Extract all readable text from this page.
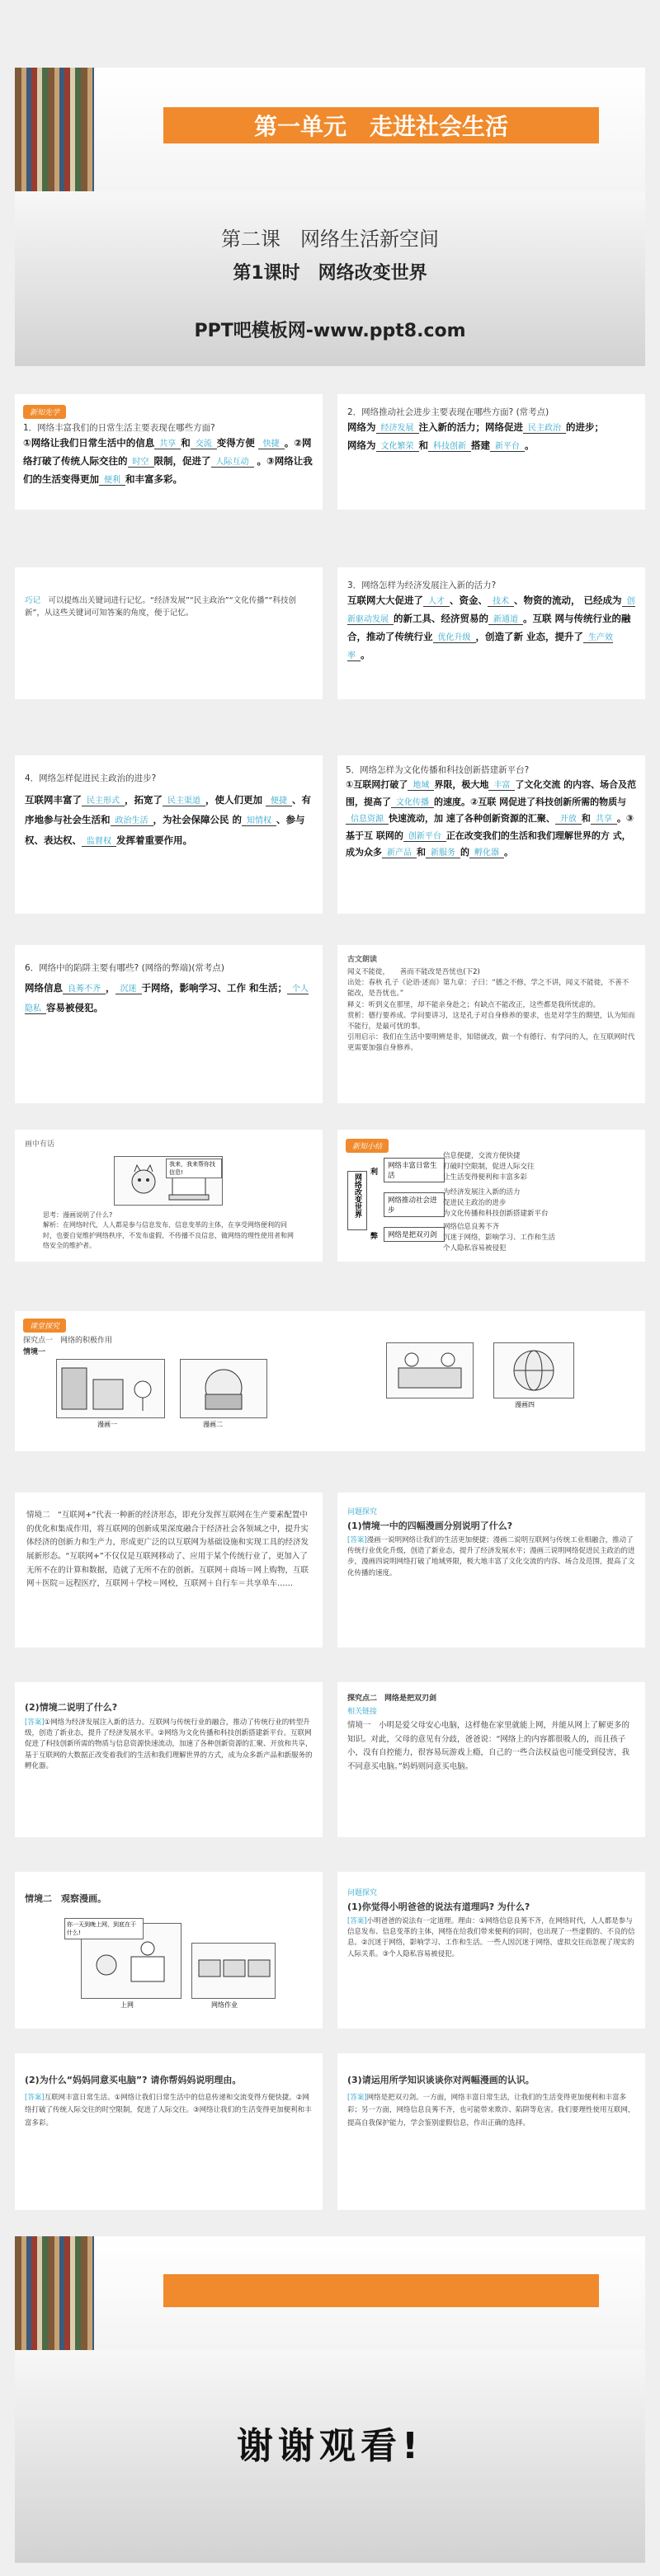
第一单元　走进社会生活
第二课　网络生活新空间
第1课时　网络改变世界
PPT吧模板网-www.ppt8.com
新知先学
1．网络丰富我们的日常生活主要表现在哪些方面?
①网络让我们日常生活中的信息 共享 和 交流 变得方便 快捷 。②网络打破了传统人际交往的 时空 限制，促进了 人际互动 。③网络让我们的生活变得更加 便利 和丰富多彩。
2．网络推动社会进步主要表现在哪些方面? (常考点)
网络为 经济发展 注入新的活力；网络促进 民主政治 的进步；
网络为 文化繁荣 和 科技创新 搭建 新平台 。
巧记　 可以提炼出关键词进行记忆。“经济发展”“民主政治”“文化传播”“科技创新”，从这些关键词可知答案的角度，便于记忆。
3．网络怎样为经济发展注入新的活力?
互联网大大促进了 人才 、资金、 技术 、物资的流动， 已经成为 创新驱动发展 的新工具、经济贸易的 新通道 。互联 网与传统行业的融合，推动了传统行业 优化升级 ，创造了新 业态，提升了 生产效率 。
4．网络怎样促进民主政治的进步?
互联网丰富了 民主形式 ，拓宽了 民主渠道 ，使人们更加 便捷 、有序地参与社会生活和 政治生活 ，为社会保障公民 的 知情权 、参与权、表达权、 监督权 发挥着重要作用。
5．网络怎样为文化传播和科技创新搭建新平台?
①互联网打破了 地域 界限，极大地 丰富 了文化交流 的内容、场合及范围，提高了 文化传播 的速度。②互联 网促进了科技创新所需的物质与信息资源 快速流动，加 速了各种创新资源的汇聚、 开放 和 共享 。③基于互 联网的 创新平台 正在改变我们的生活和我们理解世界的方 式，成为众多 新产品 和 新服务 的 孵化器 。
6．网络中的陷阱主要有哪些? (网络的弊端)(常考点)
网络信息 良莠不齐 ， 沉迷 于网络，影响学习、工作 和生活； 个人隐私 容易被侵犯。
古文朗读
闻义不能徙，　　善而不能改是吾忧也(下2)
出处：春秋 孔子《论语·述而》第九章：子曰：“德之不修，学之不讲，闻义不能徙，不善不能改，是吾忧也。”
释义：听到义在那里，却不能亲身赴之；有缺点不能改正，这些都是我所忧虑的。
赏析：德行要养成、学问要讲习，这是孔子对自身修养的要求，也是对学生的期望，认为知而不能行，是最可忧的事。
引用启示：我们在生活中要明辨是非，知错就改，做一个有德行、有学问的人，在互联网时代更需要加强自身修养。
画中有话
我来，我来帮你找信息!
思考：漫画说明了什么?
解析：在网络时代，人人都是参与信息发布、信息变革的主体，在享受网络便利的同时，也要自觉维护网络秩序，不发布虚假、不传播不良信息，做网络的理性使用者和网络安全的维护者。
新知小结
网络改变世界
利
弊
网络丰富日常生活
网络推动社会进步
网络是把双刃剑
信息便捷，交流方便快捷
打破时空限制，促进人际交往
让生活变得便利和丰富多彩
为经济发展注入新的活力
促进民主政治的进步
为文化传播和科技创新搭建新平台
网络信息良莠不齐
沉迷于网络，影响学习、工作和生活
个人隐私容易被侵犯
课堂探究
探究点一　网络的积极作用
情境一
漫画一	漫画二
漫画四
情境二　“互联网+”代表一种新的经济形态，即充分发挥互联网在生产要素配置中的优化和集成作用，将互联网的创新成果深度融合于经济社会各领域之中，提升实体经济的创新力和生产力，形成更广泛的以互联网为基础设施和实现工具的经济发展新形态。“互联网+”不仅仅是互联网移动了、应用于某个传统行业了，更加入了无所不在的计算和数据，造就了无所不在的创新。互联网＋商场＝网上购物，互联网＋医院＝远程医疗，互联网＋学校＝网校，互联网＋自行车＝共享单车……
问题探究
(1)情境一中的四幅漫画分别说明了什么?
[答案]漫画一说明网络让我们的生活更加便捷；漫画二说明互联网与传统工业相融合，推动了传统行业优化升级，创造了新业态，提升了经济发展水平；漫画三说明网络促进民主政治的进步，漫画四说明网络打破了地域界限，极大地丰富了文化交流的内容、场合及范围，提高了文化传播的速度。
(2)情境二说明了什么?
[答案]①网络为经济发展注入新的活力。互联网与传统行业的融合，推动了传统行业的转型升级，创造了新业态，提升了经济发展水平。②网络为文化传播和科技创新搭建新平台。互联网促进了科技创新所需的物质与信息资源快速流动，加速了各种创新资源的汇聚、开放和共享，基于互联网的大数据正改变着我们的生活和我们理解世界的方式，成为众多新产品和新服务的孵化器。
探究点二　网络是把双刃剑
相关链接
情境一　小明是爱父母安心电脑，这样他在家里就能上网，并能从网上了解更多的知识。对此，父母的意见有分歧，爸爸说：“网络上的内容都很吸人的，而且孩子小，没有自控能力，很容易玩游戏上瘾，自己的一些合法权益也可能受到侵害，我不同意买电脑。”妈妈则同意买电脑。
情境二　观察漫画。
你一天到晚上网，到底在干什么!
上网	网络作业
问题探究
(1)你觉得小明爸爸的说法有道理吗? 为什么?
[答案]小明爸爸的说法有一定道理。理由：①网络信息良莠不齐，在网络时代，人人都是参与信息发布、信息变革的主体，网络在给我们带来便利的同时，也出现了一些虚假的、不良的信息。②沉迷于网络，影响学习、工作和生活。一些人因沉迷于网络，虚拟交往而忽视了现实的人际关系。③个人隐私容易被侵犯。
(2)为什么“妈妈同意买电脑”? 请你帮妈妈说明理由。
[答案]互联网丰富日常生活。①网络让我们日常生活中的信息传递和交流变得方便快捷。②网络打破了传统人际交往的时空限制，促进了人际交往。③网络让我们的生活变得更加便利和丰富多彩。
(3)请运用所学知识谈谈你对两幅漫画的认识。
[答案]网络是把双刃剑。一方面，网络丰富日常生活，让我们的生活变得更加便利和丰富多彩；另一方面，网络信息良莠不齐，也可能带来欺诈、陷阱等危害。我们要理性使用互联网，提高自我保护能力，学会鉴别虚假信息，作出正确的选择。
谢谢观看!
